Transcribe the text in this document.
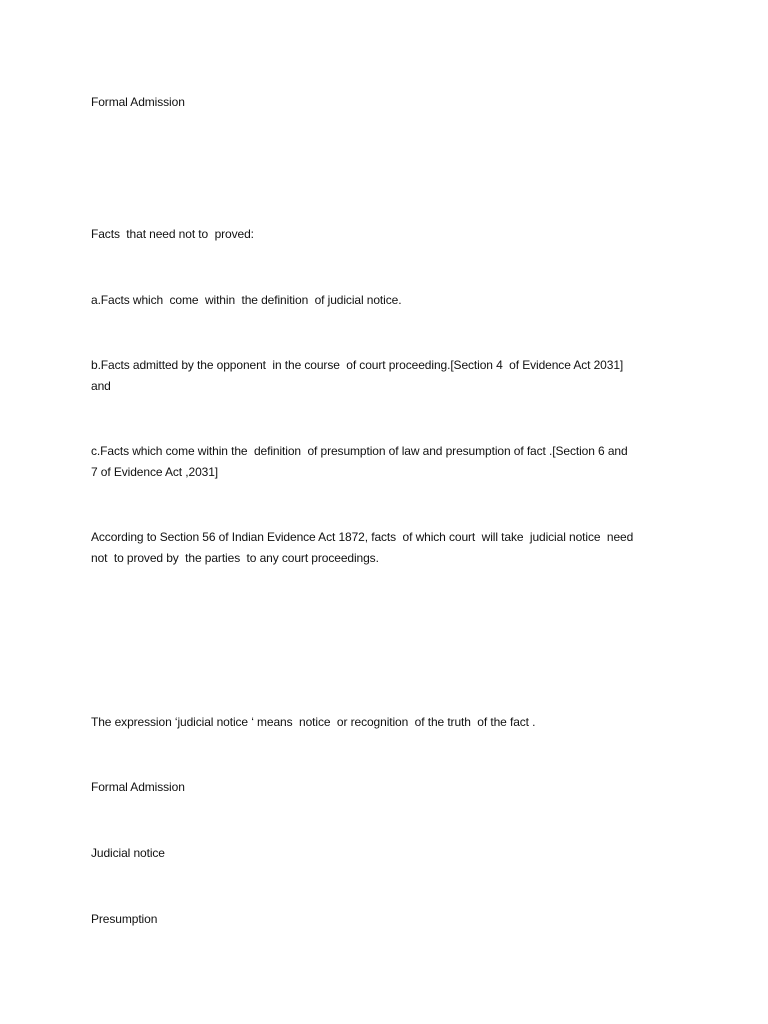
Formal Admission
Facts  that need not to  proved:
a.Facts which  come  within  the definition  of judicial notice.
b.Facts admitted by the opponent  in the course  of court proceeding.[Section 4  of Evidence Act 2031]
and
c.Facts which come within the  definition  of presumption of law and presumption of fact .[Section 6 and
7 of Evidence Act ,2031]
According to Section 56 of Indian Evidence Act 1872, facts  of which court  will take  judicial notice  need
not  to proved by  the parties  to any court proceedings.
The expression ‘judicial notice ‘ means  notice  or recognition  of the truth  of the fact .
Formal Admission
Judicial notice
Presumption
